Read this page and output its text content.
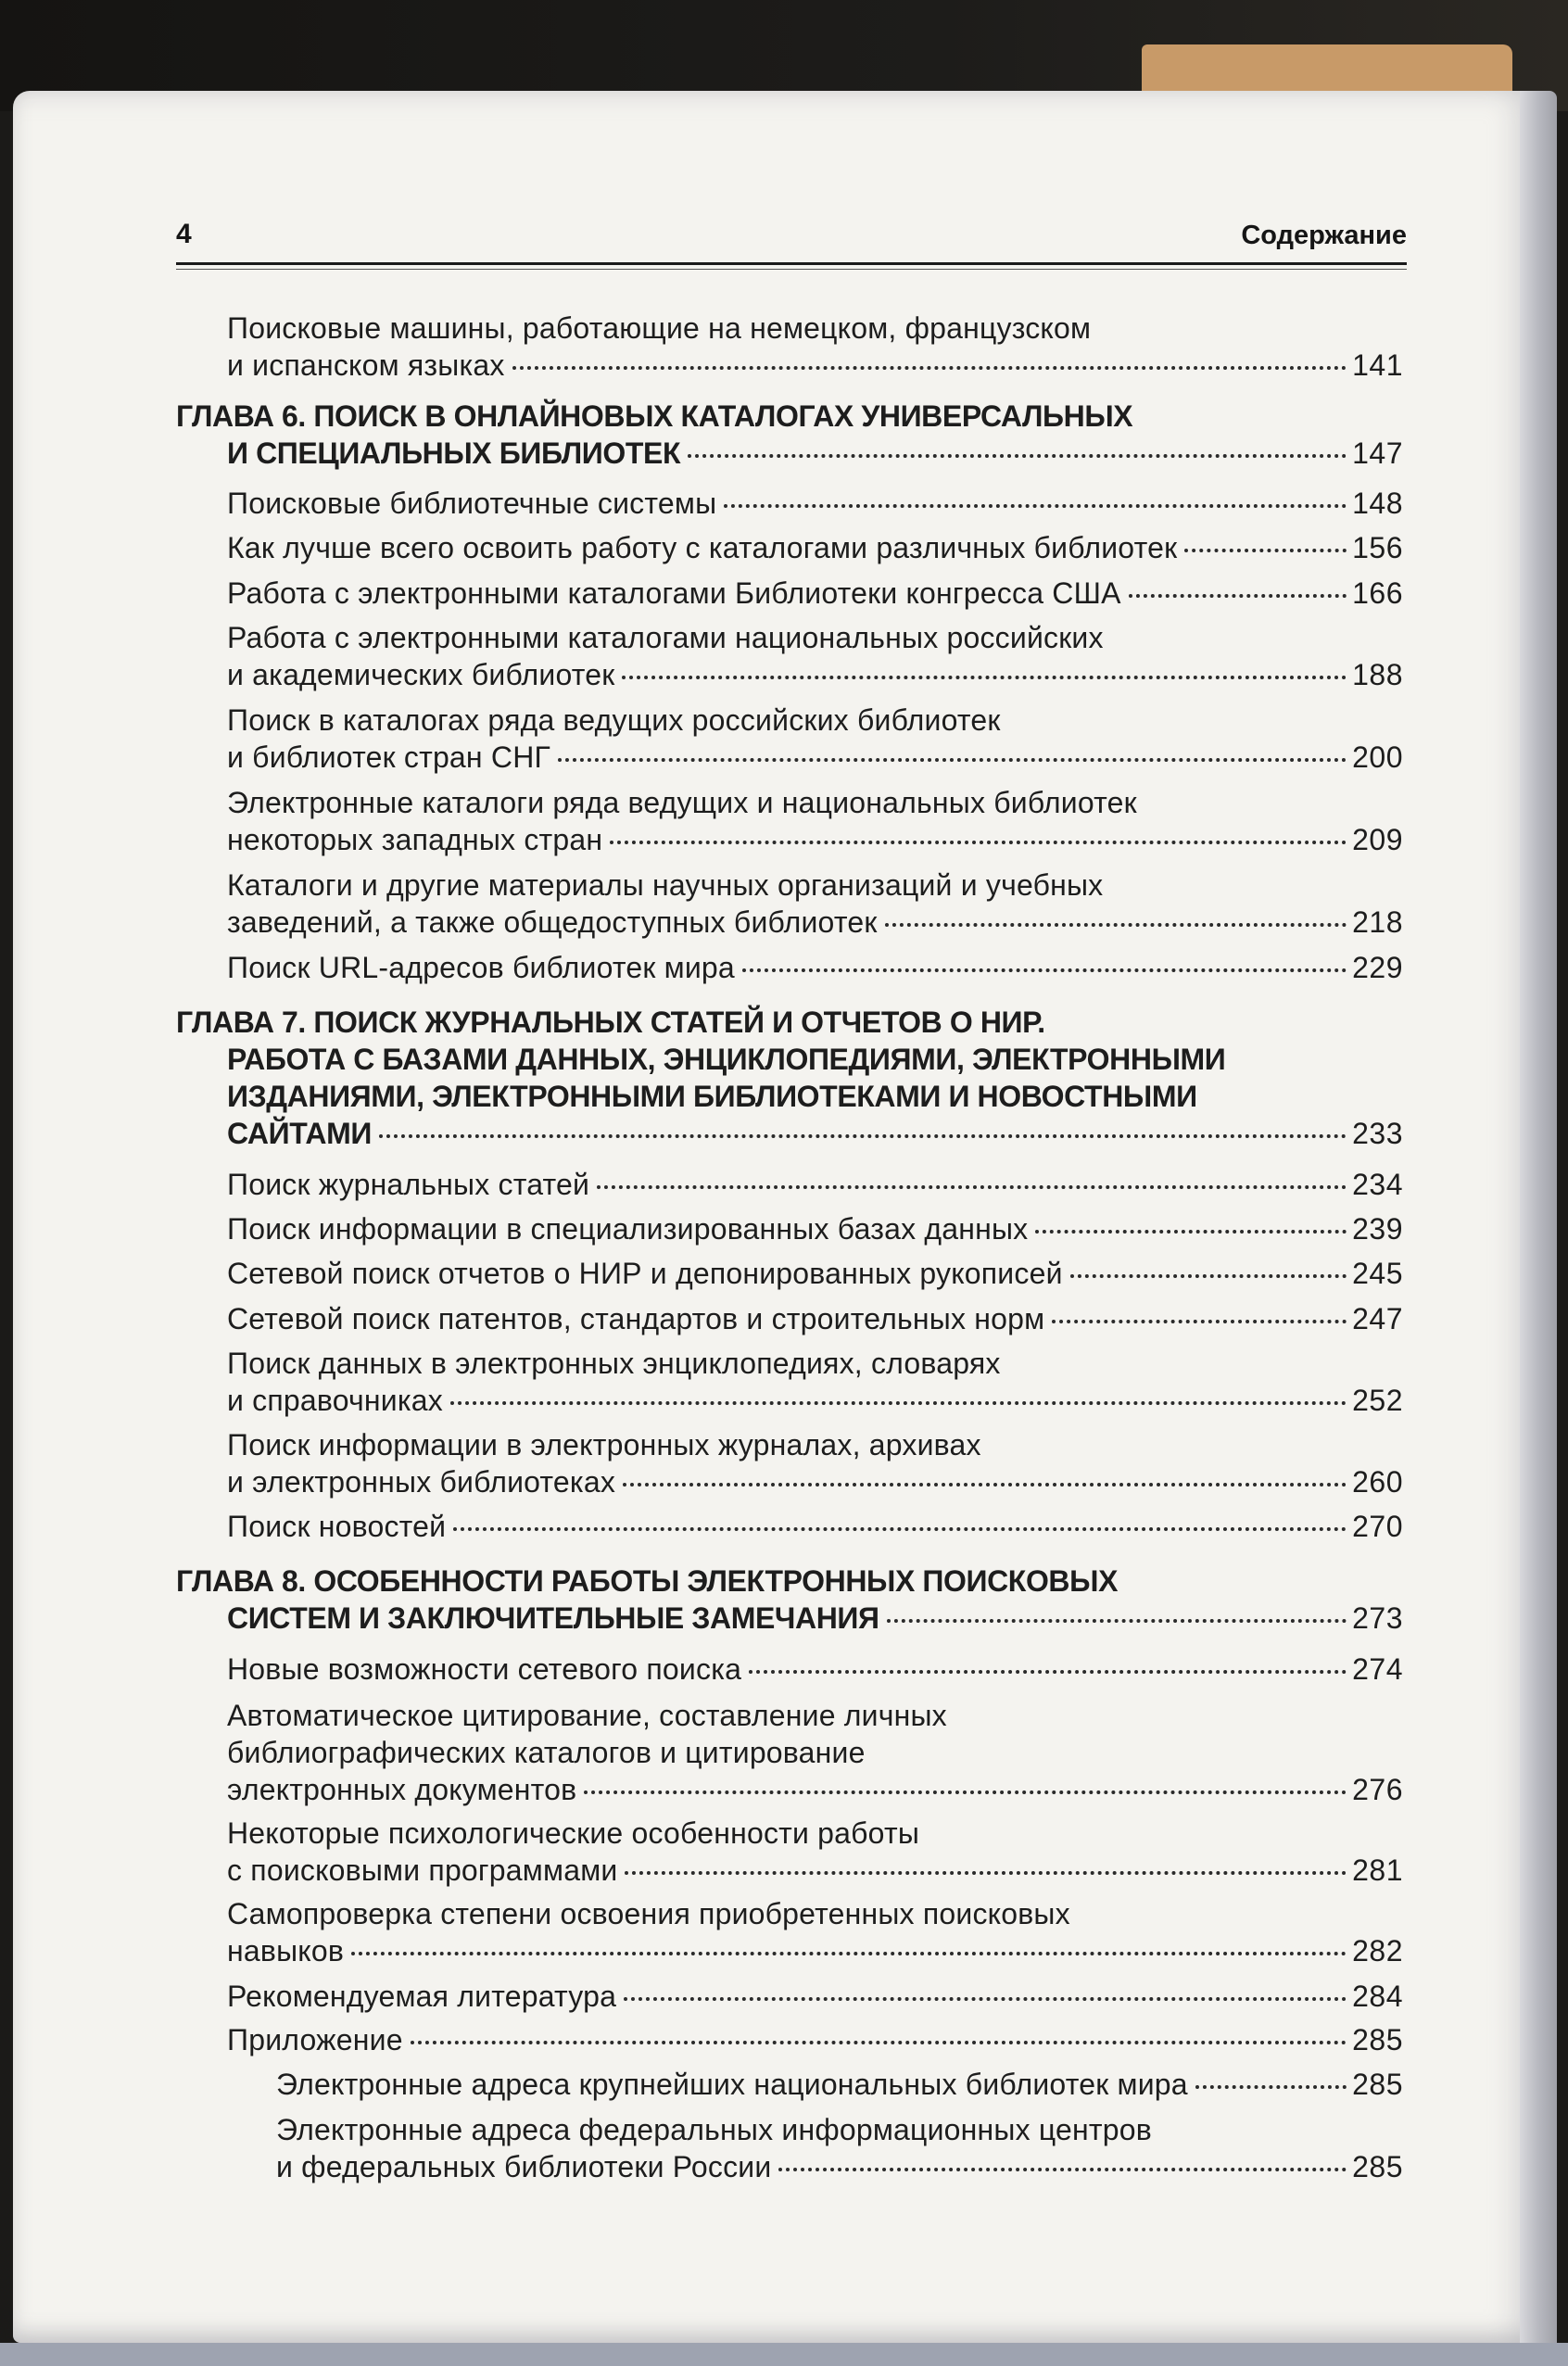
4	Содержание
Поисковые машины, работающие на немецком, французском
и испанском языках	141
ГЛАВА 6. ПОИСК В ОНЛАЙНОВЫХ КАТАЛОГАХ УНИВЕРСАЛЬНЫХ
И СПЕЦИАЛЬНЫХ БИБЛИОТЕК	147
Поисковые библиотечные системы	148
Как лучше всего освоить работу с каталогами различных библиотек	156
Работа с электронными каталогами Библиотеки конгресса США	166
Работа с электронными каталогами национальных российских
и академических библиотек	188
Поиск в каталогах ряда ведущих российских библиотек
и библиотек стран СНГ	200
Электронные каталоги ряда ведущих и национальных библиотек
некоторых западных стран	209
Каталоги и другие материалы научных организаций и учебных
заведений, а также общедоступных библиотек	218
Поиск URL-адресов библиотек мира	229
ГЛАВА 7. ПОИСК ЖУРНАЛЬНЫХ СТАТЕЙ И ОТЧЕТОВ О НИР.
РАБОТА С БАЗАМИ ДАННЫХ, ЭНЦИКЛОПЕДИЯМИ, ЭЛЕКТРОННЫМИ
ИЗДАНИЯМИ, ЭЛЕКТРОННЫМИ БИБЛИОТЕКАМИ И НОВОСТНЫМИ
САЙТАМИ	233
Поиск журнальных статей	234
Поиск информации в специализированных базах данных	239
Сетевой поиск отчетов о НИР и депонированных рукописей	245
Сетевой поиск патентов, стандартов и строительных норм	247
Поиск данных в электронных энциклопедиях, словарях
и справочниках	252
Поиск информации в электронных журналах, архивах
и электронных библиотеках	260
Поиск новостей	270
ГЛАВА 8. ОСОБЕННОСТИ РАБОТЫ ЭЛЕКТРОННЫХ ПОИСКОВЫХ
СИСТЕМ И ЗАКЛЮЧИТЕЛЬНЫЕ ЗАМЕЧАНИЯ	273
Новые возможности сетевого поиска	274
Автоматическое цитирование, составление личных
библиографических каталогов и цитирование
электронных документов	276
Некоторые психологические особенности работы
с поисковыми программами	281
Самопроверка степени освоения приобретенных поисковых
навыков	282
Рекомендуемая литература	284
Приложение	285
Электронные адреса крупнейших национальных библиотек мира	285
Электронные адреса федеральных информационных центров
и федеральных библиотеки России	285
